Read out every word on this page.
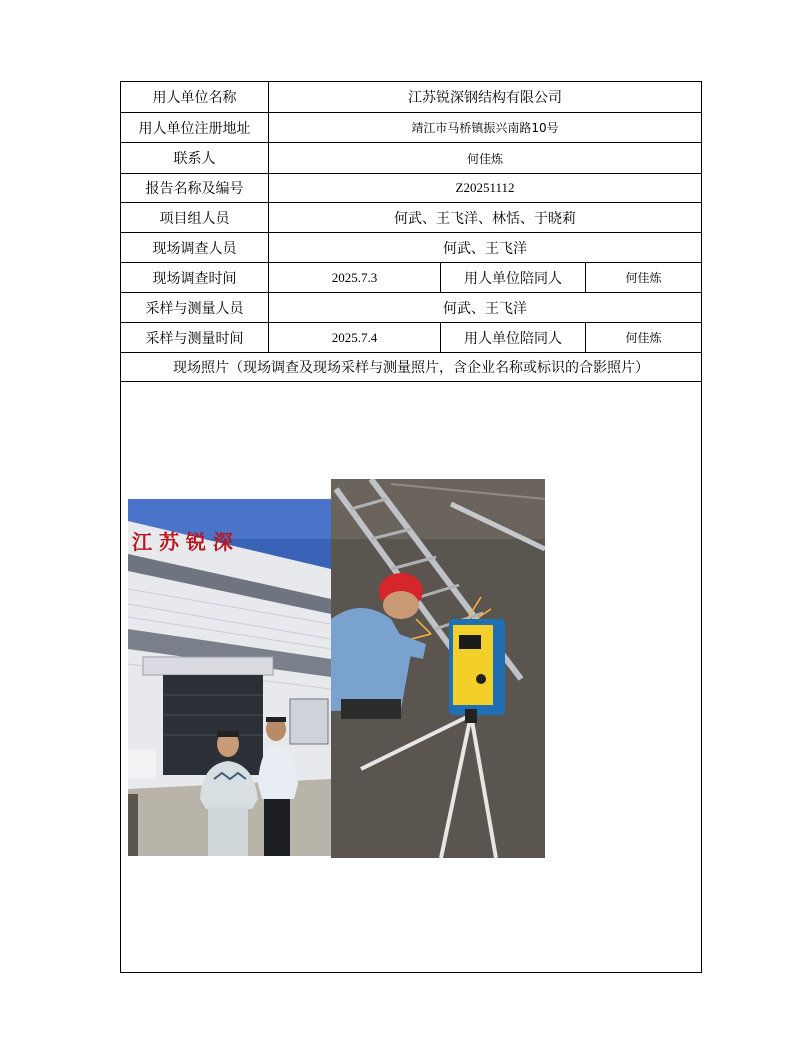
用人单位名称	江苏锐深钢结构有限公司
用人单位注册地址	靖江市马桥镇振兴南路10号
联系人	何佳炼
报告名称及编号	Z20251112
项目组人员	何武、王飞洋、林恬、于晓莉
现场调查人员	何武、王飞洋
现场调查时间	2025.7.3	用人单位陪同人	何佳炼
采样与测量人员	何武、王飞洋
采样与测量时间	2025.7.4	用人单位陪同人	何佳炼
现场照片（现场调查及现场采样与测量照片，含企业名称或标识的合影照片）
江 苏 锐 深
